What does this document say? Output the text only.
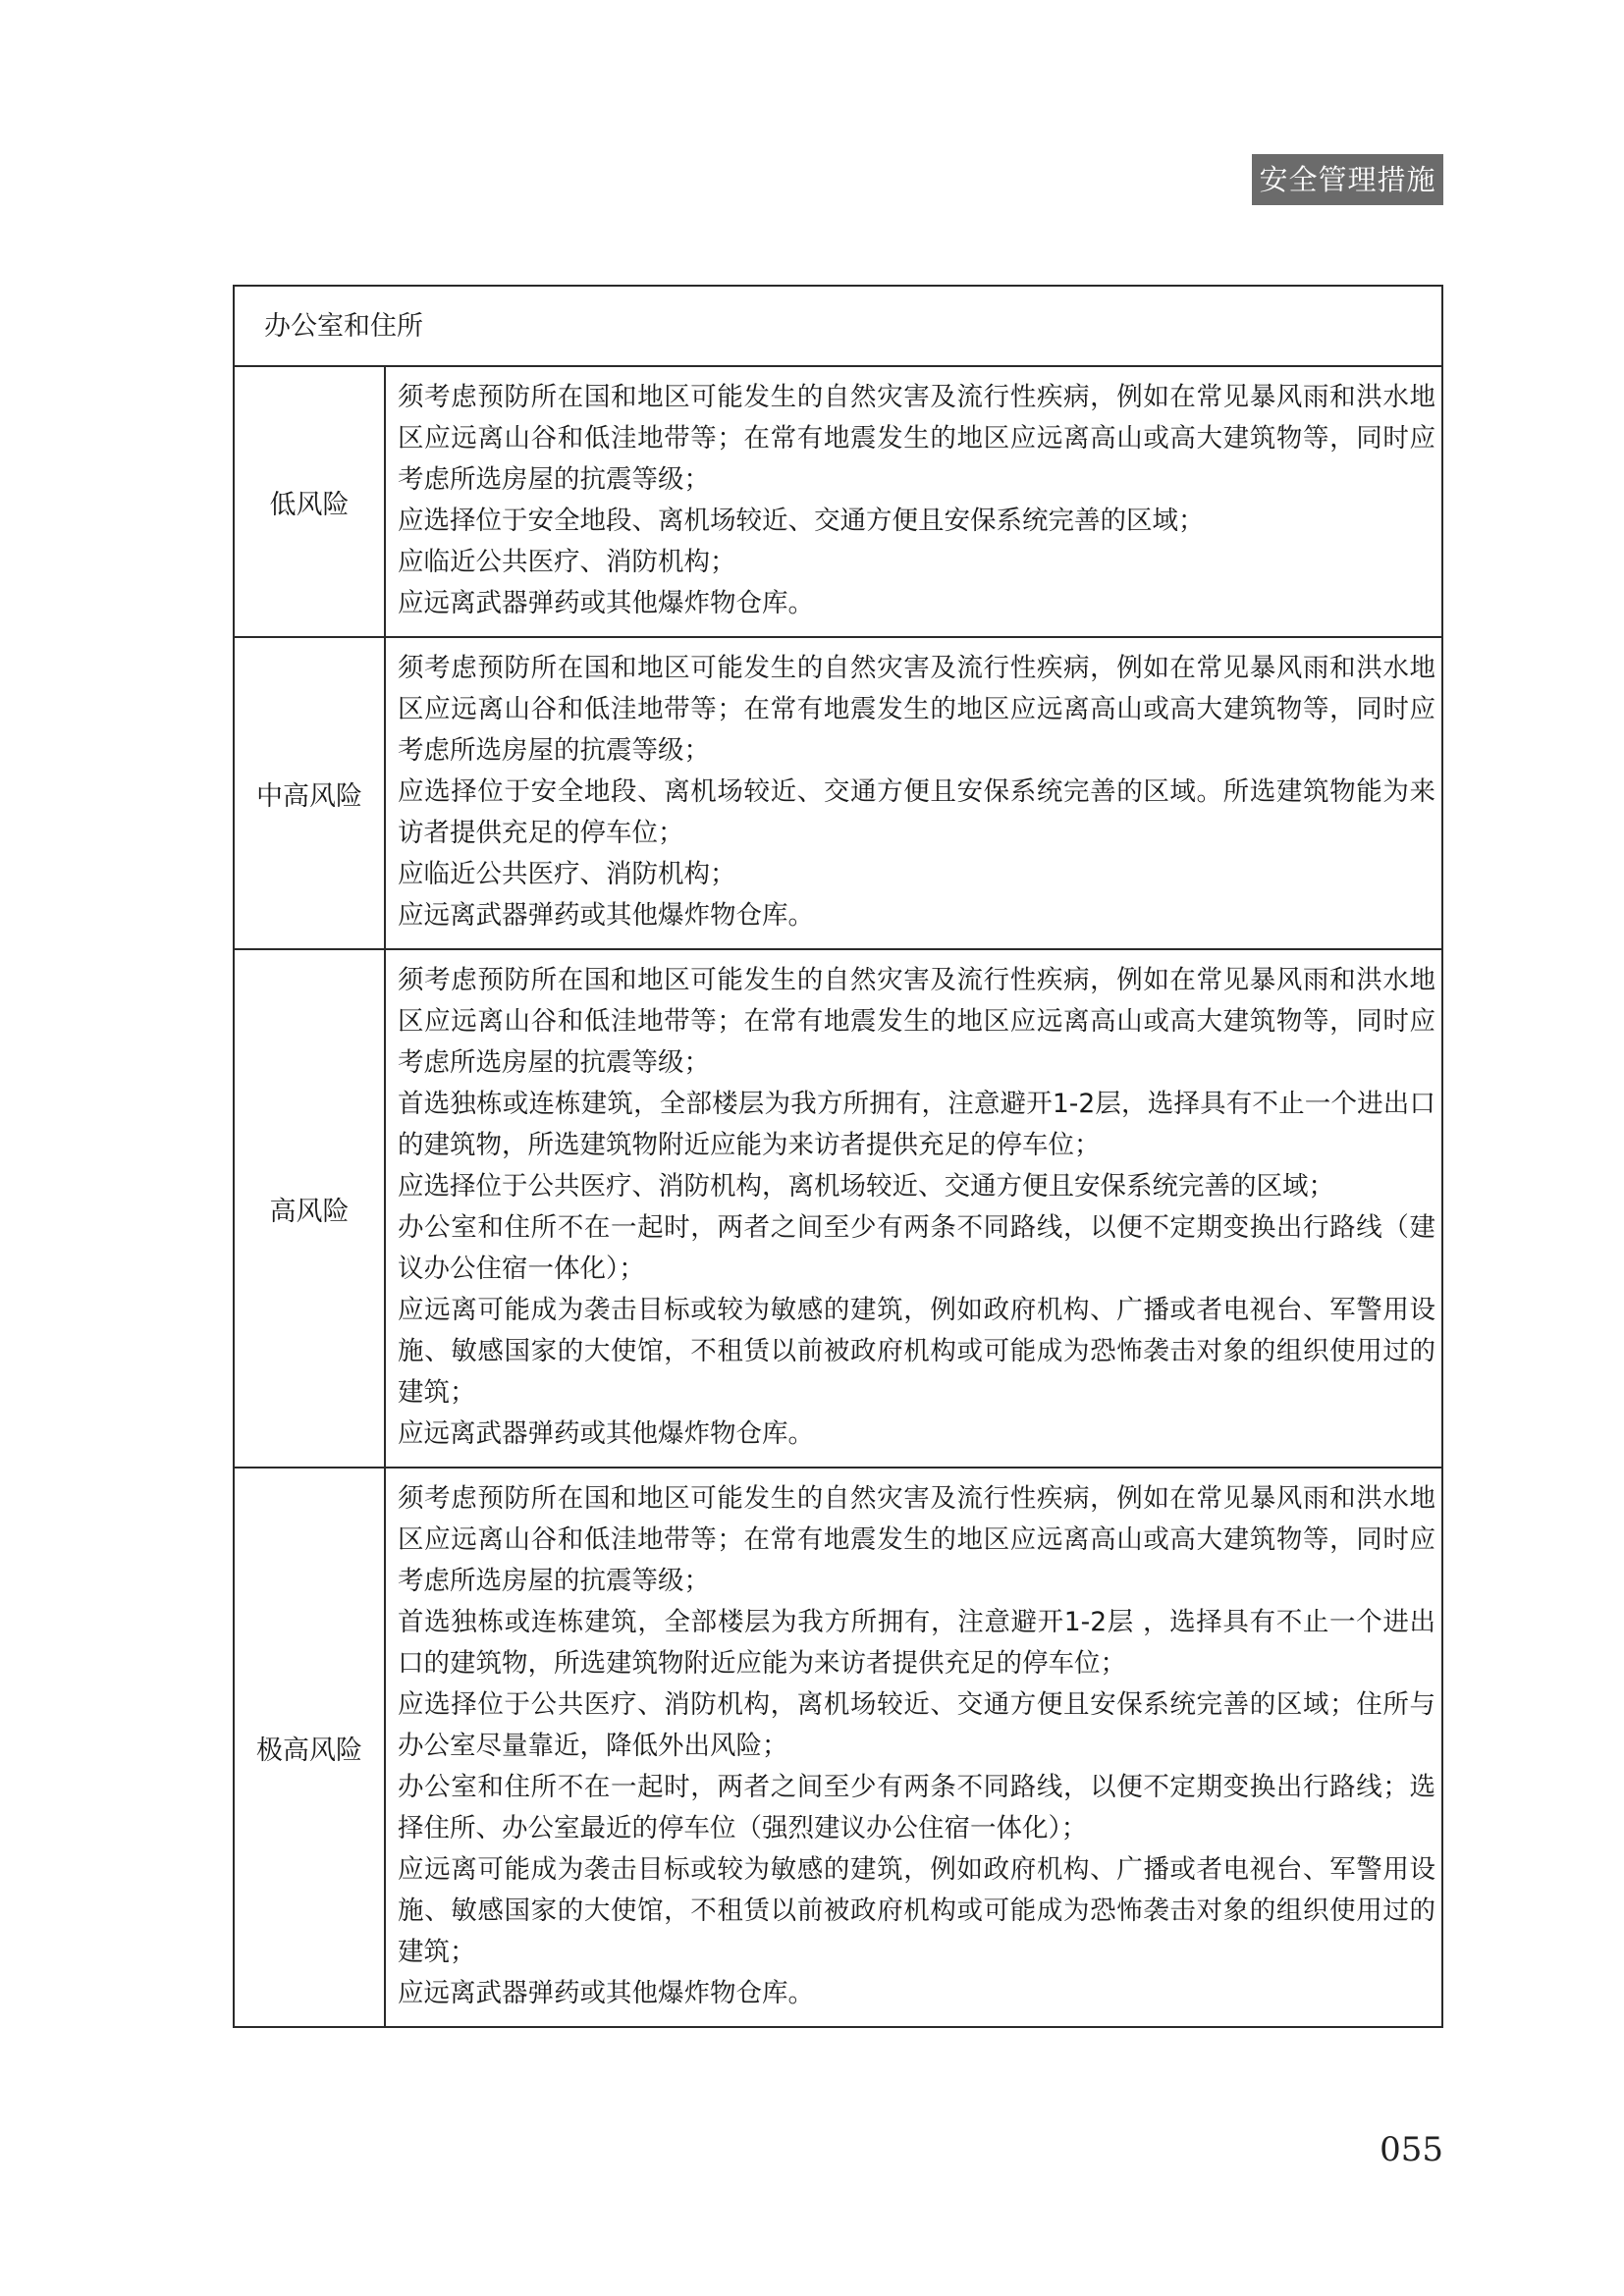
安全管理措施
办公室和住所
低风险
须考虑预防所在国和地区可能发生的自然灾害及流行性疾病，例如在常见暴风雨和洪水地区应远离山谷和低洼地带等；在常有地震发生的地区应远离高山或高大建筑物等，同时应考虑所选房屋的抗震等级；
应选择位于安全地段、离机场较近、交通方便且安保系统完善的区域；
应临近公共医疗、消防机构；
应远离武器弹药或其他爆炸物仓库。
中高风险
须考虑预防所在国和地区可能发生的自然灾害及流行性疾病，例如在常见暴风雨和洪水地区应远离山谷和低洼地带等；在常有地震发生的地区应远离高山或高大建筑物等，同时应考虑所选房屋的抗震等级；
应选择位于安全地段、离机场较近、交通方便且安保系统完善的区域。所选建筑物能为来访者提供充足的停车位；
应临近公共医疗、消防机构；
应远离武器弹药或其他爆炸物仓库。
高风险
须考虑预防所在国和地区可能发生的自然灾害及流行性疾病，例如在常见暴风雨和洪水地区应远离山谷和低洼地带等；在常有地震发生的地区应远离高山或高大建筑物等，同时应考虑所选房屋的抗震等级；
首选独栋或连栋建筑，全部楼层为我方所拥有，注意避开1-2层，选择具有不止一个进出口的建筑物，所选建筑物附近应能为来访者提供充足的停车位；
应选择位于公共医疗、消防机构，离机场较近、交通方便且安保系统完善的区域；
办公室和住所不在一起时，两者之间至少有两条不同路线，以便不定期变换出行路线（建议办公住宿一体化）；
应远离可能成为袭击目标或较为敏感的建筑，例如政府机构、广播或者电视台、军警用设施、敏感国家的大使馆，不租赁以前被政府机构或可能成为恐怖袭击对象的组织使用过的建筑；
应远离武器弹药或其他爆炸物仓库。
极高风险
须考虑预防所在国和地区可能发生的自然灾害及流行性疾病，例如在常见暴风雨和洪水地区应远离山谷和低洼地带等；在常有地震发生的地区应远离高山或高大建筑物等，同时应考虑所选房屋的抗震等级；
首选独栋或连栋建筑，全部楼层为我方所拥有，注意避开1-2层 ，选择具有不止一个进出口的建筑物，所选建筑物附近应能为来访者提供充足的停车位；
应选择位于公共医疗、消防机构，离机场较近、交通方便且安保系统完善的区域；住所与办公室尽量靠近，降低外出风险；
办公室和住所不在一起时，两者之间至少有两条不同路线，以便不定期变换出行路线；选择住所、办公室最近的停车位（强烈建议办公住宿一体化）；
应远离可能成为袭击目标或较为敏感的建筑，例如政府机构、广播或者电视台、军警用设施、敏感国家的大使馆，不租赁以前被政府机构或可能成为恐怖袭击对象的组织使用过的建筑；
应远离武器弹药或其他爆炸物仓库。
055
